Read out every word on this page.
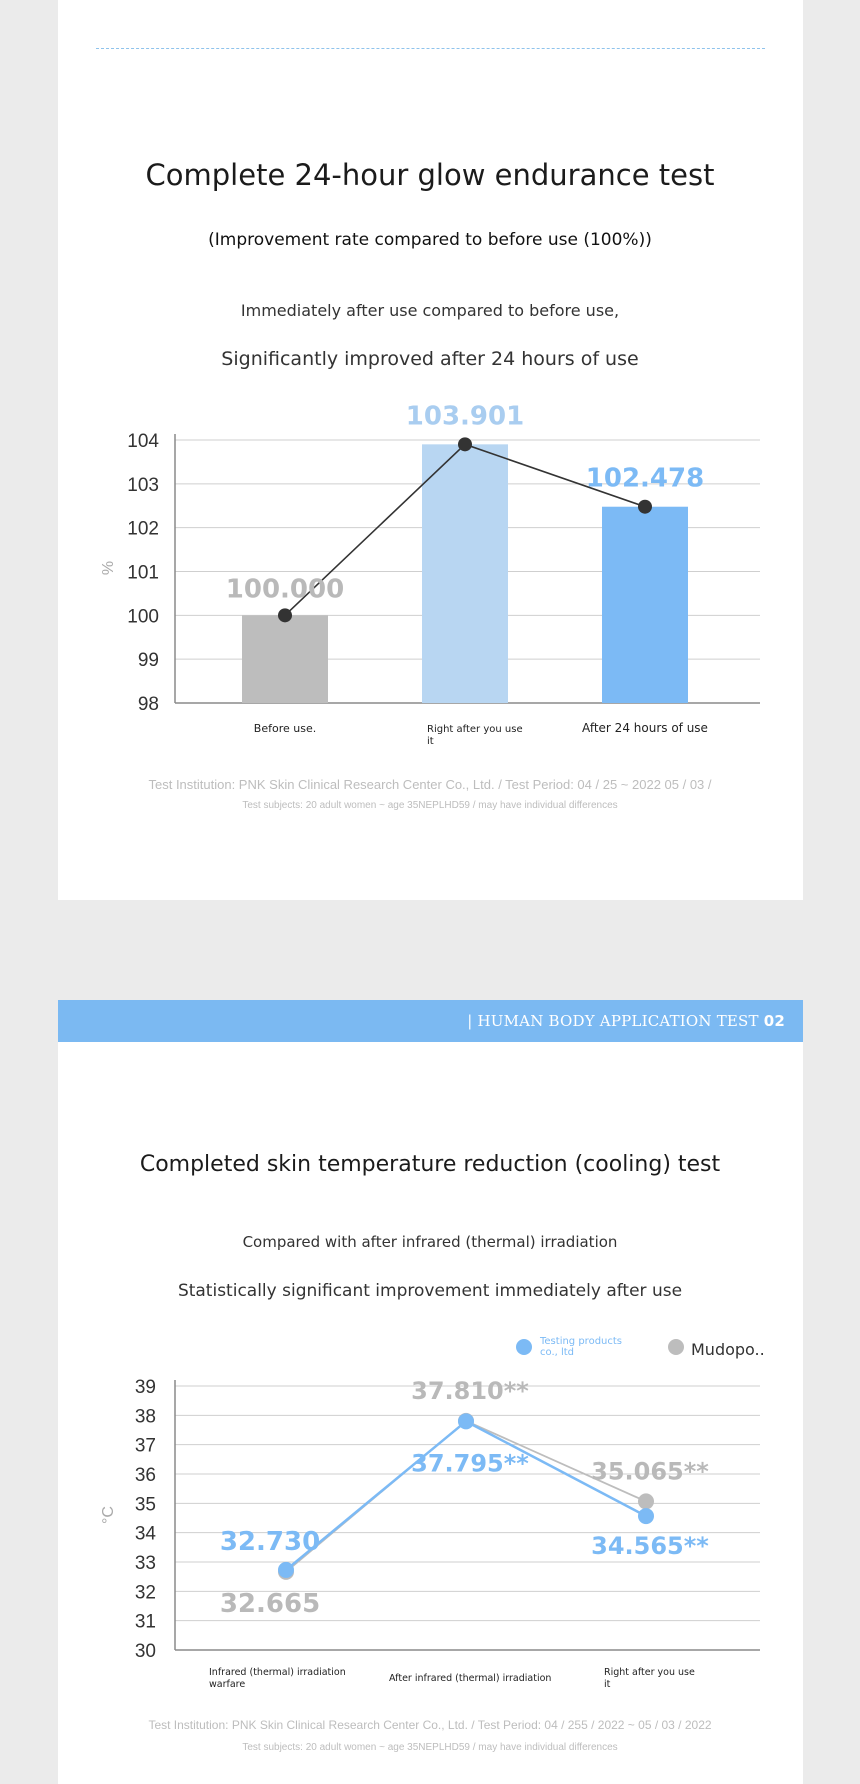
Complete 24-hour glow endurance test
(Improvement rate compared to before use (100%))
Immediately after use compared to before use,
Significantly improved after 24 hours of use
98
99
100
101
102
103
104
%
100.000
103.901
102.478
Before use.	Right after you use
it
After 24 hours of use
Test Institution: PNK Skin Clinical Research Center Co., Ltd. / Test Period: 04 / 25 ~ 2022 05 / 03 /
Test subjects: 20 adult women ~ age 35NEPLHD59 / may have individual differences
| HUMAN BODY APPLICATION TEST 02
Completed skin temperature reduction (cooling) test
Compared with after infrared (thermal) irradiation
Statistically significant improvement immediately after use
30
31
32
33
34
35
36
37
38
39
°C
Testing products
co., ltd	Mudopo..
32.730
37.795**
34.565**
32.665
37.810**
35.065**
Infrared (thermal) irradiation
warfare
After infrared (thermal) irradiation
Right after you use
it
Test Institution: PNK Skin Clinical Research Center Co., Ltd. / Test Period: 04 / 255 / 2022 ~ 05 / 03 / 2022
Test subjects: 20 adult women ~ age 35NEPLHD59 / may have individual differences
